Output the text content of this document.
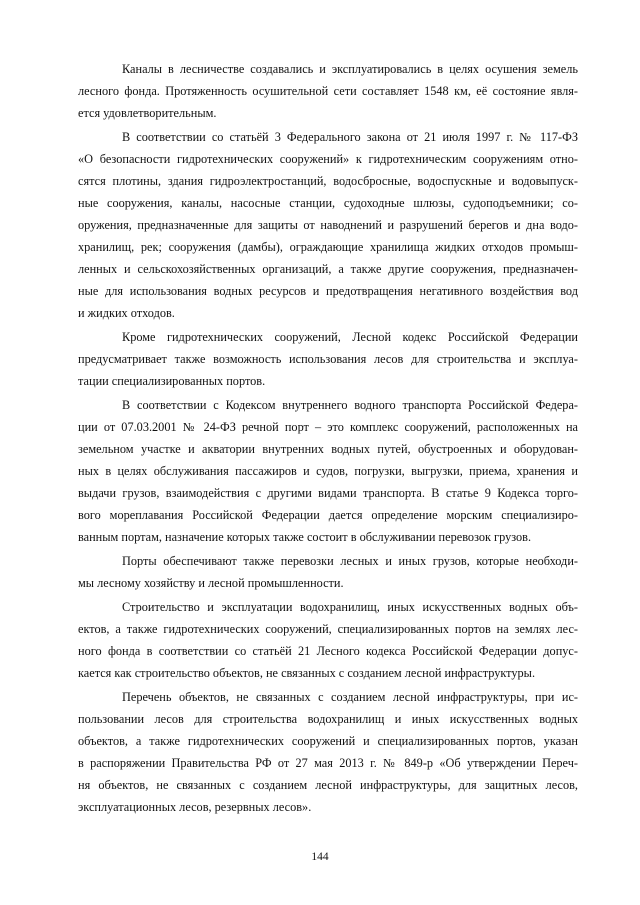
Каналы в лесничестве создавались и эксплуатировались в целях осушения земель
лесного фонда. Протяженность осушительной сети составляет 1548 км, её состояние явля-
ется удовлетворительным.
В соответствии со статьёй 3 Федерального закона от 21 июля 1997 г. № 117-ФЗ
«О безопасности гидротехнических сооружений» к гидротехническим сооружениям отно-
сятся плотины, здания гидроэлектростанций, водосбросные, водоспускные и водовыпуск-
ные сооружения, каналы, насосные станции, судоходные шлюзы, судоподъемники; со-
оружения, предназначенные для защиты от наводнений и разрушений берегов и дна водо-
хранилищ, рек; сооружения (дамбы), ограждающие хранилища жидких отходов промыш-
ленных и сельскохозяйственных организаций, а также другие сооружения, предназначен-
ные для использования водных ресурсов и предотвращения негативного воздействия вод
и жидких отходов.
Кроме гидротехнических сооружений, Лесной кодекс Российской Федерации
предусматривает также возможность использования лесов для строительства и эксплуа-
тации специализированных портов.
В соответствии с Кодексом внутреннего водного транспорта Российской Федера-
ции от 07.03.2001 № 24-ФЗ речной порт – это комплекс сооружений, расположенных на
земельном участке и акватории внутренних водных путей, обустроенных и оборудован-
ных в целях обслуживания пассажиров и судов, погрузки, выгрузки, приема, хранения и
выдачи грузов, взаимодействия с другими видами транспорта. В статье 9 Кодекса торго-
вого мореплавания Российской Федерации дается определение морским специализиро-
ванным портам, назначение которых также состоит в обслуживании перевозок грузов.
Порты обеспечивают также перевозки лесных и иных грузов, которые необходи-
мы лесному хозяйству и лесной промышленности.
Строительство и эксплуатации водохранилищ, иных искусственных водных объ-
ектов, а также гидротехнических сооружений, специализированных портов на землях лес-
ного фонда в соответствии со статьёй 21 Лесного кодекса Российской Федерации допус-
кается как строительство объектов, не связанных с созданием лесной инфраструктуры.
Перечень объектов, не связанных с созданием лесной инфраструктуры, при ис-
пользовании лесов для строительства водохранилищ и иных искусственных водных
объектов, а также гидротехнических сооружений и специализированных портов, указан
в распоряжении Правительства РФ от 27 мая 2013 г. № 849-р «Об утверждении Переч-
ня объектов, не связанных с созданием лесной инфраструктуры, для защитных лесов,
эксплуатационных лесов, резервных лесов».
144
